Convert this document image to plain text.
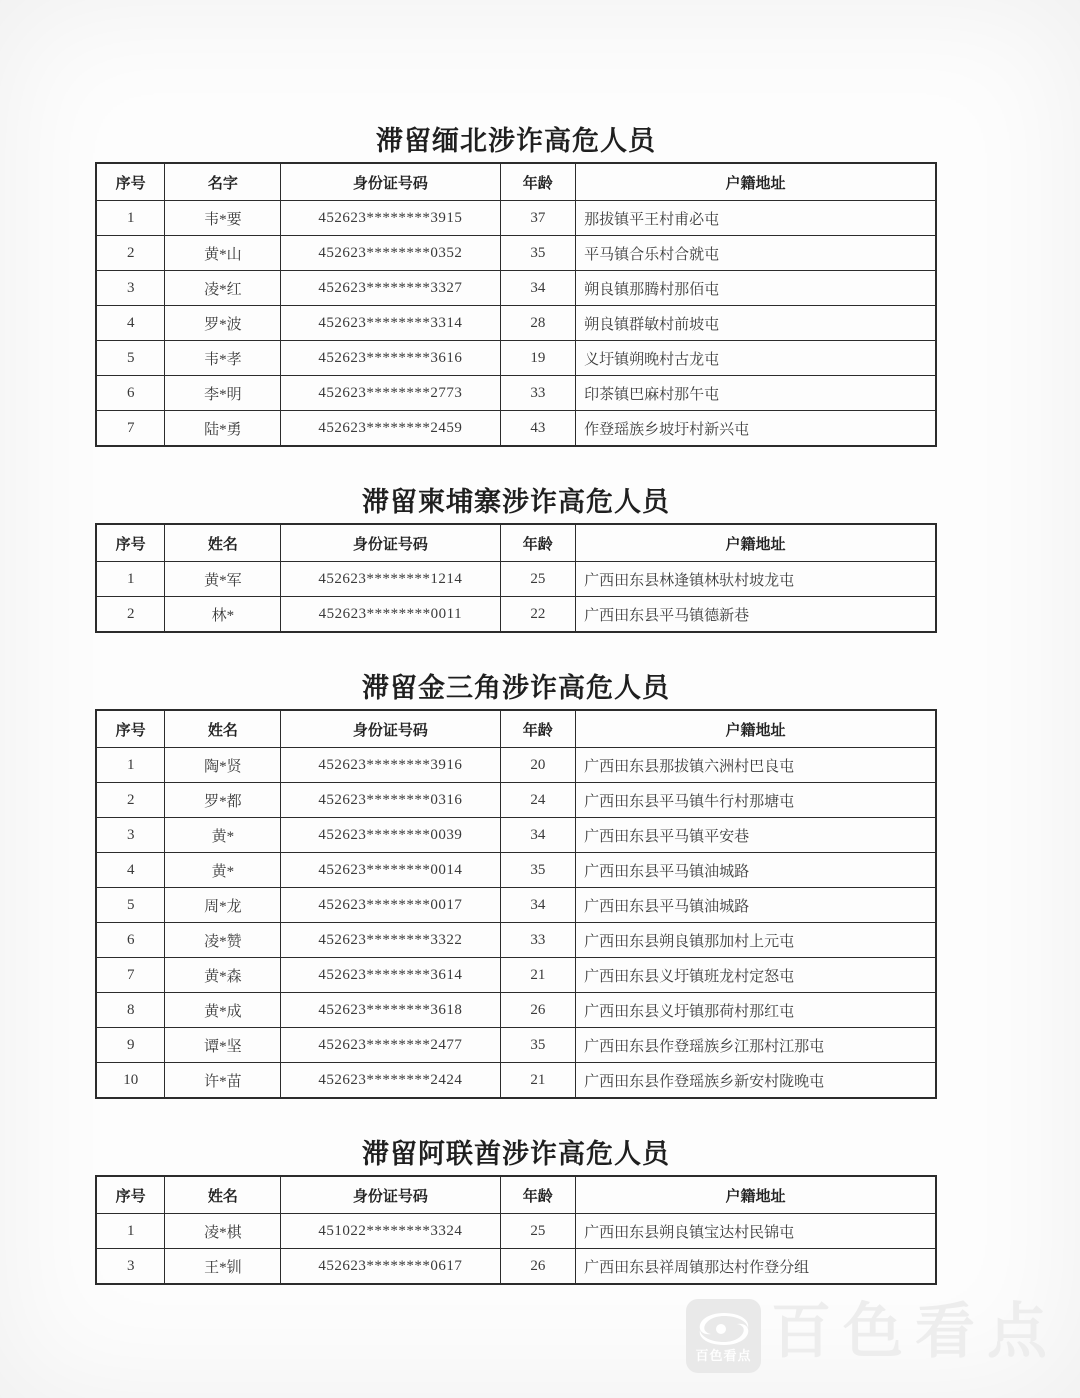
滞留缅北涉诈高危人员
序号	名字	身份证号码	年龄	户籍地址
1	韦*要	452623********3915	37	那拔镇平王村甫必屯
2	黄*山	452623********0352	35	平马镇合乐村合就屯
3	凌*红	452623********3327	34	朔良镇那腾村那佰屯
4	罗*波	452623********3314	28	朔良镇群敏村前坡屯
5	韦*孝	452623********3616	19	义圩镇朔晚村古龙屯
6	李*明	452623********2773	33	印茶镇巴麻村那午屯
7	陆*勇	452623********2459	43	作登瑶族乡坡圩村新兴屯
滞留柬埔寨涉诈高危人员
序号	姓名	身份证号码	年龄	户籍地址
1	黄*军	452623********1214	25	广西田东县林逢镇林驮村坡龙屯
2	林*	452623********0011	22	广西田东县平马镇德新巷
滞留金三角涉诈高危人员
序号	姓名	身份证号码	年龄	户籍地址
1	陶*贤	452623********3916	20	广西田东县那拔镇六洲村巴良屯
2	罗*都	452623********0316	24	广西田东县平马镇牛行村那塘屯
3	黄*	452623********0039	34	广西田东县平马镇平安巷
4	黄*	452623********0014	35	广西田东县平马镇油城路
5	周*龙	452623********0017	34	广西田东县平马镇油城路
6	凌*赞	452623********3322	33	广西田东县朔良镇那加村上元屯
7	黄*森	452623********3614	21	广西田东县义圩镇班龙村定怒屯
8	黄*成	452623********3618	26	广西田东县义圩镇那荷村那红屯
9	谭*坚	452623********2477	35	广西田东县作登瑶族乡江那村江那屯
10	许*苗	452623********2424	21	广西田东县作登瑶族乡新安村陇晚屯
滞留阿联酋涉诈高危人员
序号	姓名	身份证号码	年龄	户籍地址
1	凌*棋	451022********3324	25	广西田东县朔良镇宝达村民锦屯
3	王*钏	452623********0617	26	广西田东县祥周镇那达村作登分组
百色看点 百色看点
